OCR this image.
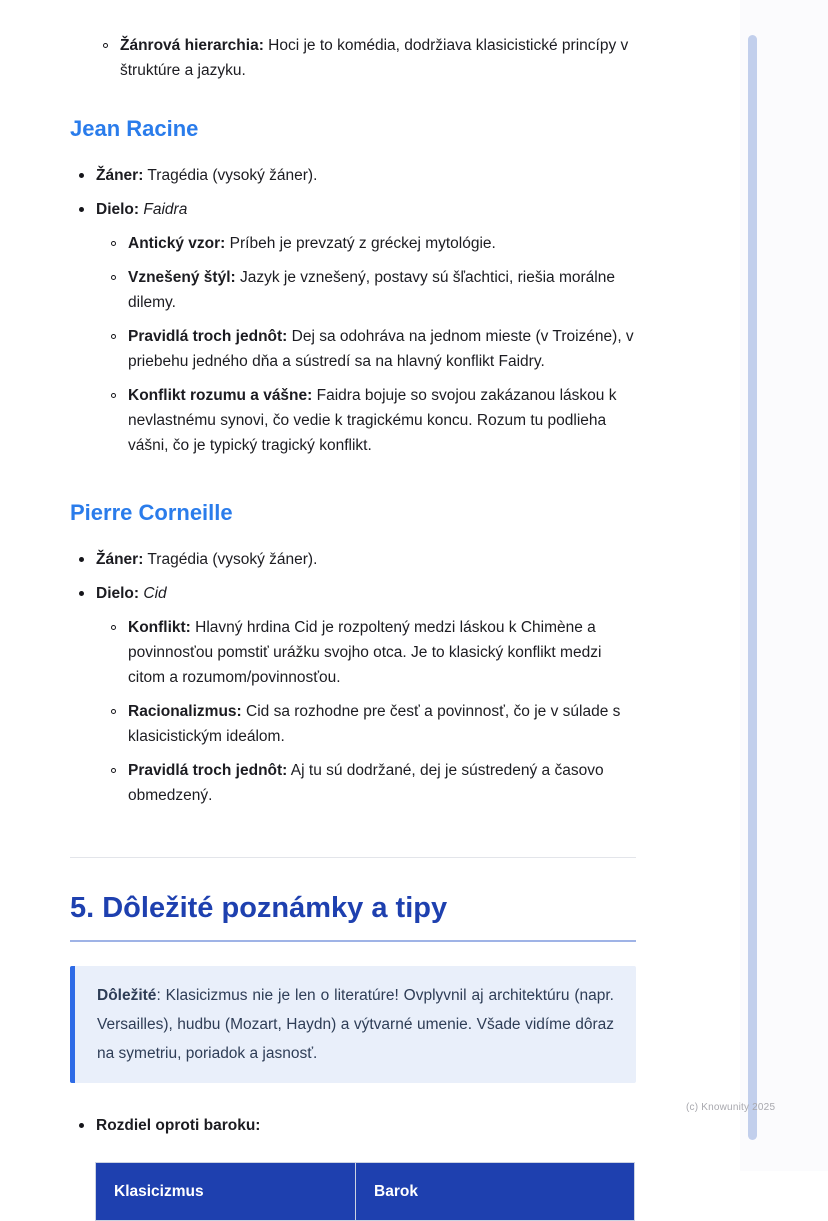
Žánrová hierarchia: Hoci je to komédia, dodržiava klasicistické princípy v štruktúre a jazyku.
Jean Racine
Žáner: Tragédia (vysoký žáner).
Dielo: Faidra
Antický vzor: Príbeh je prevzatý z gréckej mytológie.
Vznešený štýl: Jazyk je vznešený, postavy sú šľachtici, riešia morálne dilemy.
Pravidlá troch jednôt: Dej sa odohráva na jednom mieste (v Troizéne), v priebehu jedného dňa a sústredí sa na hlavný konflikt Faidry.
Konflikt rozumu a vášne: Faidra bojuje so svojou zakázanou láskou k nevlastnému synovi, čo vedie k tragickému koncu. Rozum tu podlieha vášni, čo je typický tragický konflikt.
Pierre Corneille
Žáner: Tragédia (vysoký žáner).
Dielo: Cid
Konflikt: Hlavný hrdina Cid je rozpoltený medzi láskou k Chimène a povinnosťou pomstiť urážku svojho otca. Je to klasický konflikt medzi citom a rozumom/povinnosťou.
Racionalizmus: Cid sa rozhodne pre česť a povinnosť, čo je v súlade s klasicistickým ideálom.
Pravidlá troch jednôt: Aj tu sú dodržané, dej je sústredený a časovo obmedzený.
5. Dôležité poznámky a tipy
Dôležité: Klasicizmus nie je len o literatúre! Ovplyvnil aj architektúru (napr. Versailles), hudbu (Mozart, Haydn) a výtvarné umenie. Všade vidíme dôraz na symetriu, poriadok a jasnosť.
Rozdiel oproti baroku:
Klasicizmus	Barok
(c) Knowunity 2025
